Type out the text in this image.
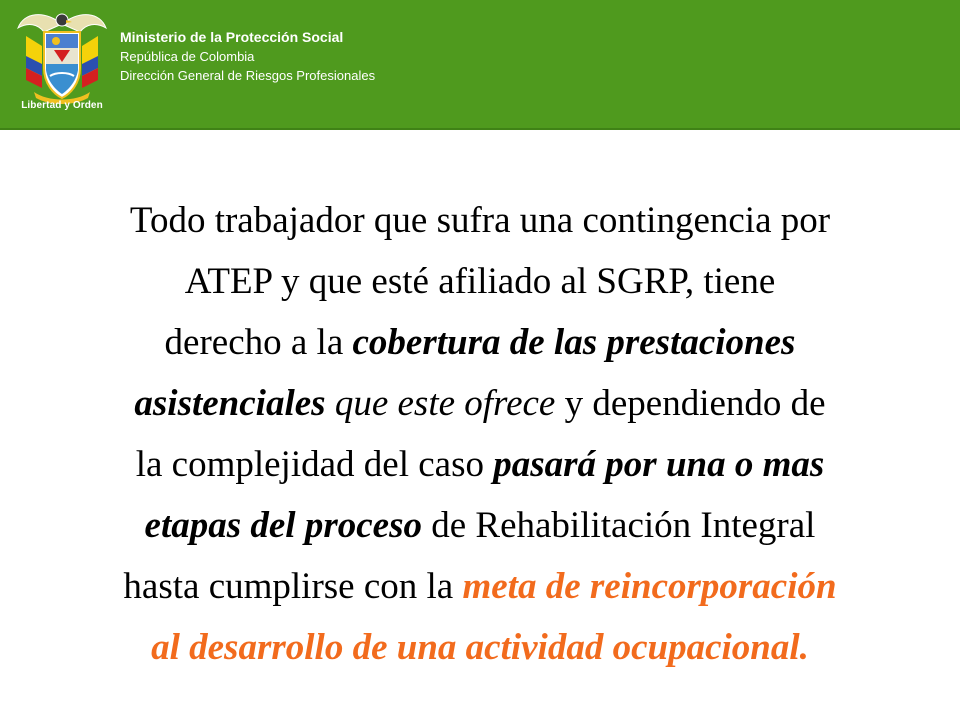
Libertad y Orden
Ministerio de la Protección Social
República de Colombia
Dirección General de Riesgos Profesionales
Todo trabajador que sufra una contingencia por
ATEP y que esté afiliado al SGRP, tiene
derecho a la cobertura de las prestaciones
asistenciales que este ofrece y dependiendo de
la complejidad del caso pasará por una o mas
etapas del proceso de Rehabilitación Integral
hasta cumplirse con la meta de reincorporación
al desarrollo de una actividad ocupacional.
